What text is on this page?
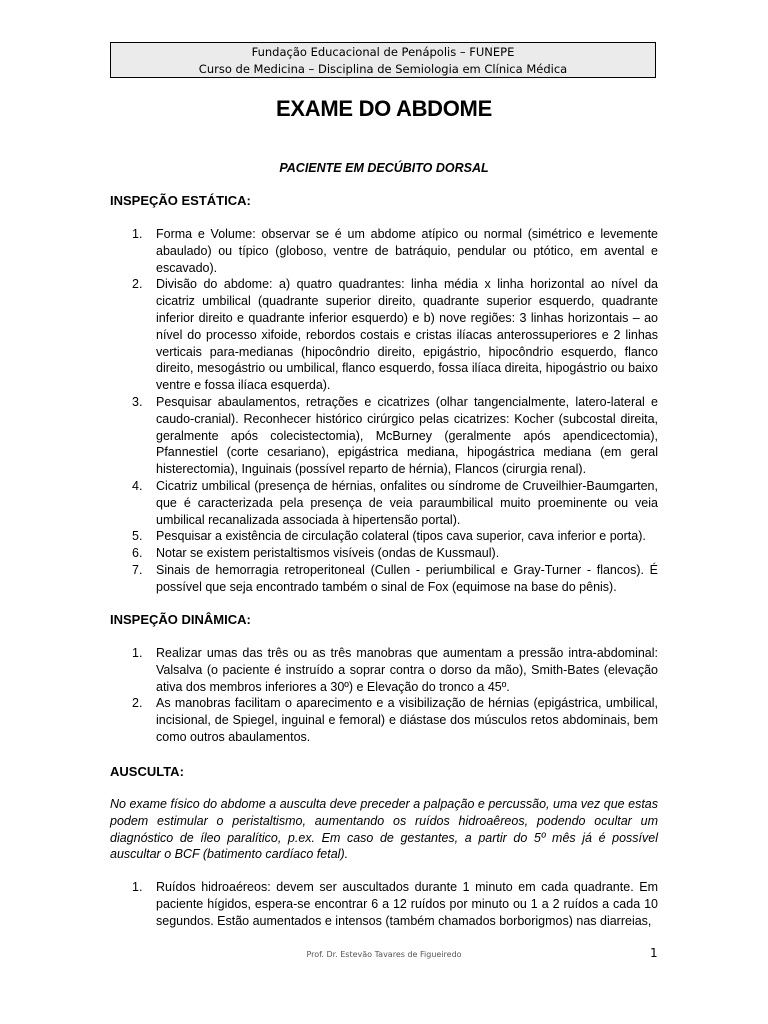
Fundação Educacional de Penápolis – FUNEPE
Curso de Medicina – Disciplina de Semiologia em Clínica Médica
EXAME DO ABDOME
PACIENTE EM DECÚBITO DORSAL
INSPEÇÃO ESTÁTICA:
1. Forma e Volume: observar se é um abdome atípico ou normal (simétrico e levemente abaulado) ou típico (globoso, ventre de batráquio, pendular ou ptótico, em avental e escavado).
2. Divisão do abdome: a) quatro quadrantes: linha média x linha horizontal ao nível da cicatriz umbilical (quadrante superior direito, quadrante superior esquerdo, quadrante inferior direito e quadrante inferior esquerdo) e b) nove regiões: 3 linhas horizontais – ao nível do processo xifoide, rebordos costais e cristas ilíacas anterossuperiores e 2 linhas verticais para-medianas (hipocôndrio direito, epigástrio, hipocôndrio esquerdo, flanco direito, mesogástrio ou umbilical, flanco esquerdo, fossa ilíaca direita, hipogástrio ou baixo ventre e fossa ilíaca esquerda).
3. Pesquisar abaulamentos, retrações e cicatrizes (olhar tangencialmente, latero-lateral e caudo-cranial). Reconhecer histórico cirúrgico pelas cicatrizes: Kocher (subcostal direita, geralmente após colecistectomia), McBurney (geralmente após apendicectomia), Pfannestiel (corte cesariano), epigástrica mediana, hipogástrica mediana (em geral histerectomia), Inguinais (possível reparto de hérnia), Flancos (cirurgia renal).
4. Cicatriz umbilical (presença de hérnias, onfalites ou síndrome de Cruveilhier-Baumgarten, que é caracterizada pela presença de veia paraumbilical muito proeminente ou veia umbilical recanalizada associada à hipertensão portal).
5. Pesquisar a existência de circulação colateral (tipos cava superior, cava inferior e porta).
6. Notar se existem peristaltismos visíveis (ondas de Kussmaul).
7. Sinais de hemorragia retroperitoneal (Cullen - periumbilical e Gray-Turner - flancos). É possível que seja encontrado também o sinal de Fox (equimose na base do pênis).
INSPEÇÃO DINÂMICA:
1. Realizar umas das três ou as três manobras que aumentam a pressão intra-abdominal: Valsalva (o paciente é instruído a soprar contra o dorso da mão), Smith-Bates (elevação ativa dos membros inferiores a 30º) e Elevação do tronco a 45º.
2. As manobras facilitam o aparecimento e a visibilização de hérnias (epigástrica, umbilical, incisional, de Spiegel, inguinal e femoral) e diástase dos músculos retos abdominais, bem como outros abaulamentos.
AUSCULTA:

No exame físico do abdome a ausculta deve preceder a palpação e percussão, uma vez que estas podem estimular o peristaltismo, aumentando os ruídos hidroaêreos, podendo ocultar um diagnóstico de íleo paralítico, p.ex. Em caso de gestantes, a partir do 5º mês já é possível auscultar o BCF (batimento cardíaco fetal).

1. Ruídos hidroaéreos: devem ser auscultados durante 1 minuto em cada quadrante. Em paciente hígidos, espera-se encontrar 6 a 12 ruídos por minuto ou 1 a 2 ruídos a cada 10 segundos. Estão aumentados e intensos (também chamados borborigmos) nas diarreias,
Prof. Dr. Estevão Tavares de Figueiredo	1
